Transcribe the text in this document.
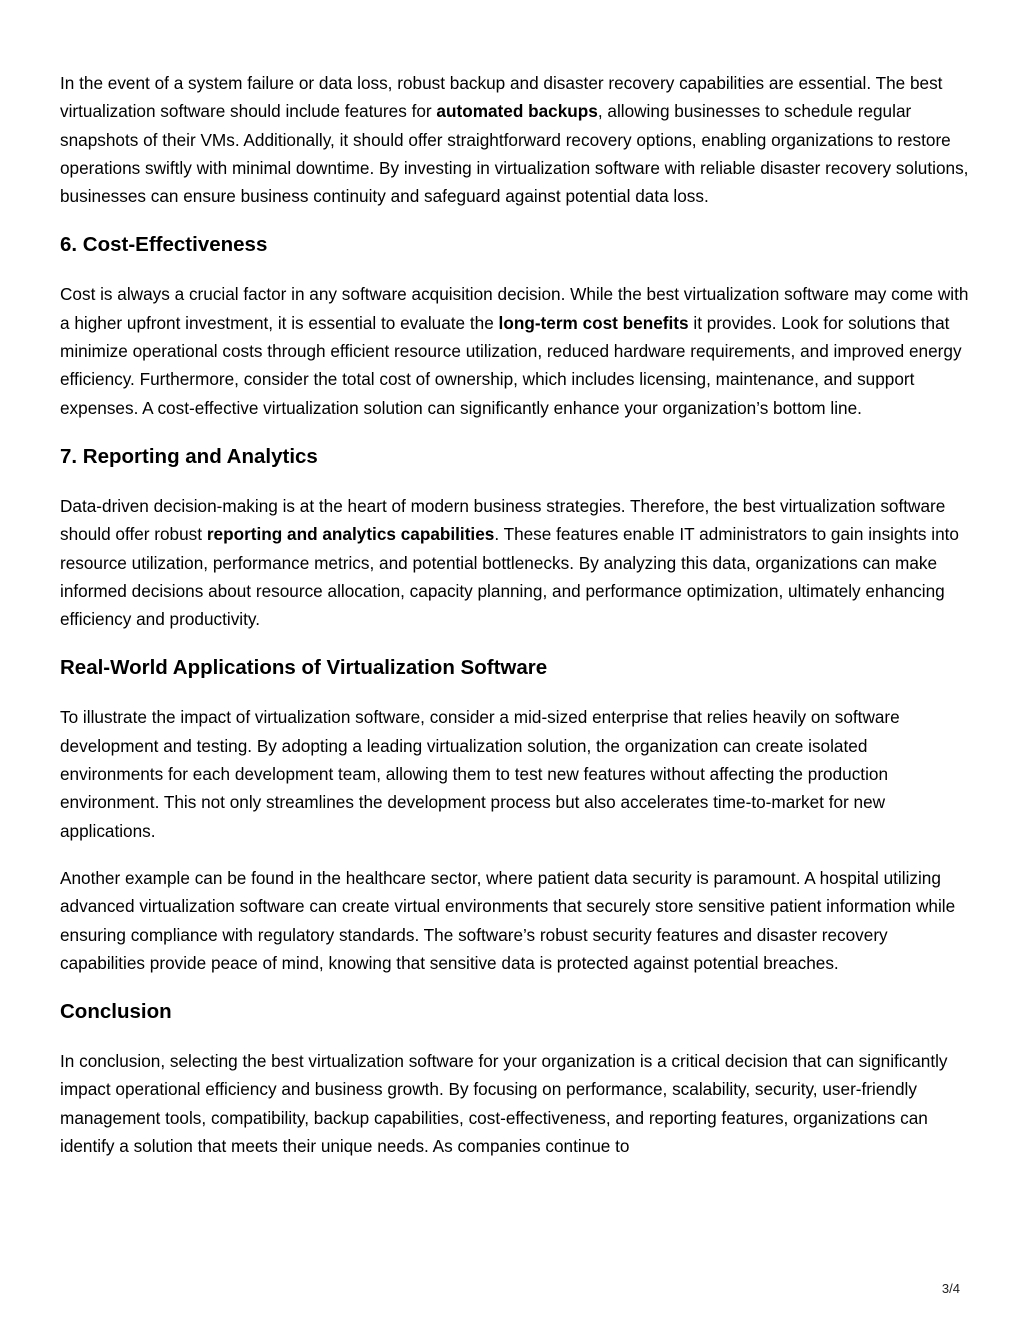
In the event of a system failure or data loss, robust backup and disaster recovery capabilities are essential. The best virtualization software should include features for automated backups, allowing businesses to schedule regular snapshots of their VMs. Additionally, it should offer straightforward recovery options, enabling organizations to restore operations swiftly with minimal downtime. By investing in virtualization software with reliable disaster recovery solutions, businesses can ensure business continuity and safeguard against potential data loss.

6. Cost-Effectiveness

Cost is always a crucial factor in any software acquisition decision. While the best virtualization software may come with a higher upfront investment, it is essential to evaluate the long-term cost benefits it provides. Look for solutions that minimize operational costs through efficient resource utilization, reduced hardware requirements, and improved energy efficiency. Furthermore, consider the total cost of ownership, which includes licensing, maintenance, and support expenses. A cost-effective virtualization solution can significantly enhance your organization’s bottom line.

7. Reporting and Analytics

Data-driven decision-making is at the heart of modern business strategies. Therefore, the best virtualization software should offer robust reporting and analytics capabilities. These features enable IT administrators to gain insights into resource utilization, performance metrics, and potential bottlenecks. By analyzing this data, organizations can make informed decisions about resource allocation, capacity planning, and performance optimization, ultimately enhancing efficiency and productivity.

Real-World Applications of Virtualization Software

To illustrate the impact of virtualization software, consider a mid-sized enterprise that relies heavily on software development and testing. By adopting a leading virtualization solution, the organization can create isolated environments for each development team, allowing them to test new features without affecting the production environment. This not only streamlines the development process but also accelerates time-to-market for new applications.

Another example can be found in the healthcare sector, where patient data security is paramount. A hospital utilizing advanced virtualization software can create virtual environments that securely store sensitive patient information while ensuring compliance with regulatory standards. The software’s robust security features and disaster recovery capabilities provide peace of mind, knowing that sensitive data is protected against potential breaches.

Conclusion

In conclusion, selecting the best virtualization software for your organization is a critical decision that can significantly impact operational efficiency and business growth. By focusing on performance, scalability, security, user-friendly management tools, compatibility, backup capabilities, cost-effectiveness, and reporting features, organizations can identify a solution that meets their unique needs. As companies continue to

3/4
